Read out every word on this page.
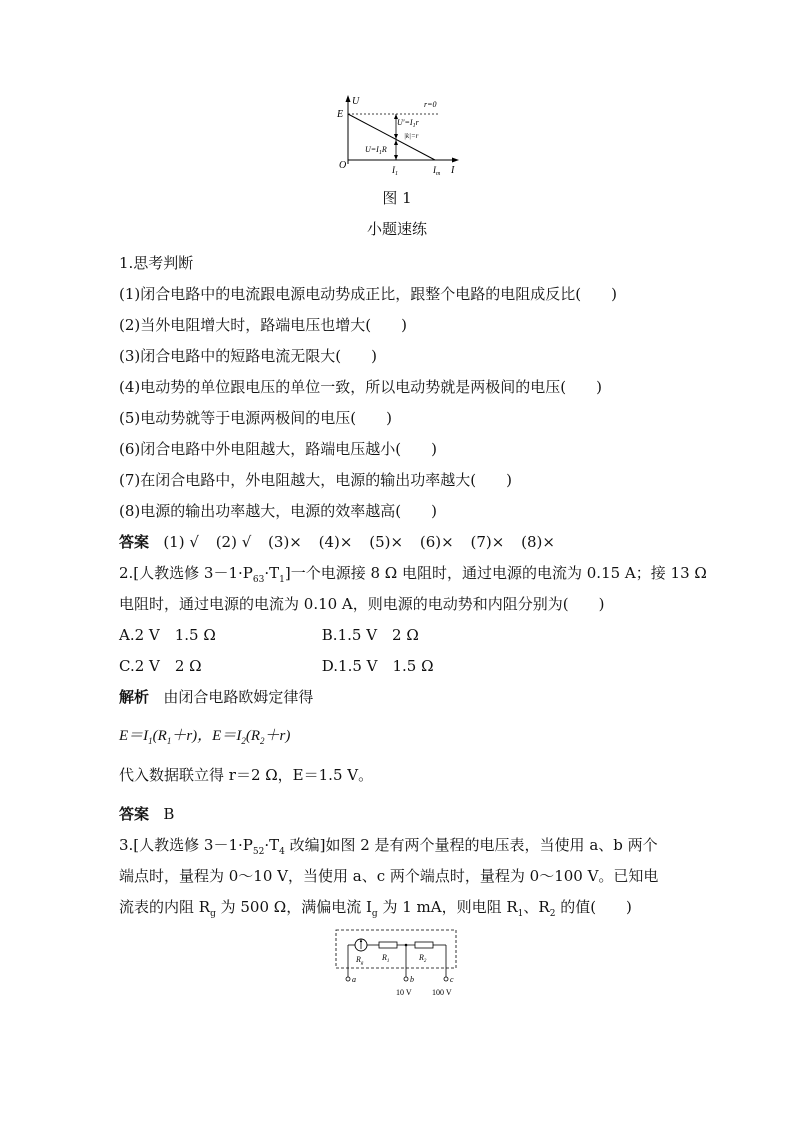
U
E
O
r=0
$U'=I_1r$
|k|=r
$U=I_1R$
$I_1$	$I_m$ I
图 1
小题速练
1.思考判断
(1)闭合电路中的电流跟电源电动势成正比，跟整个电路的电阻成反比(　　)
(2)当外电阻增大时，路端电压也增大(　　)
(3)闭合电路中的短路电流无限大(　　)
(4)电动势的单位跟电压的单位一致，所以电动势就是两极间的电压(　　)
(5)电动势就等于电源两极间的电压(　　)
(6)闭合电路中外电阻越大，路端电压越小(　　)
(7)在闭合电路中，外电阻越大，电源的输出功率越大(　　)
(8)电源的输出功率越大，电源的效率越高(　　)
答案 (1) √ (2) √ (3)× (4)× (5)× (6)× (7)× (8)×
2.[人教选修 $3-1\cdot P_{63}\cdot T_1$]一个电源接 8 Ω 电阻时，通过电源的电流为 0.15 A；接 13 Ω
电阻时，通过电源的电流为 0.10 A，则电源的电动势和内阻分别为(　　)
A.2 V　1.5 Ω	B.1.5 V　2 Ω
C.2 V　2 Ω	D.1.5 V　1.5 Ω
解析 由闭合电路欧姆定律得
$E=I_1(R_1+r)$，$E=I_2(R_2+r)$
代入数据联立得 r＝2 Ω，E＝1.5 V。
答案 B
3.[人教选修 $3-1\cdot P_{52}\cdot T_4$ 改编]如图 2 是有两个量程的电压表，当使用 a、b 两个
端点时，量程为 0～10 V，当使用 a、c 两个端点时，量程为 0～100 V。已知电
流表的内阻 $R_g$ 为 500 Ω，满偏电流 $I_g$ 为 1 mA，则电阻 $R_1$、$R_2$ 的值(　　)
$R_g$
$R_1$	$R_2$
a	b	c
10 V	100 V
